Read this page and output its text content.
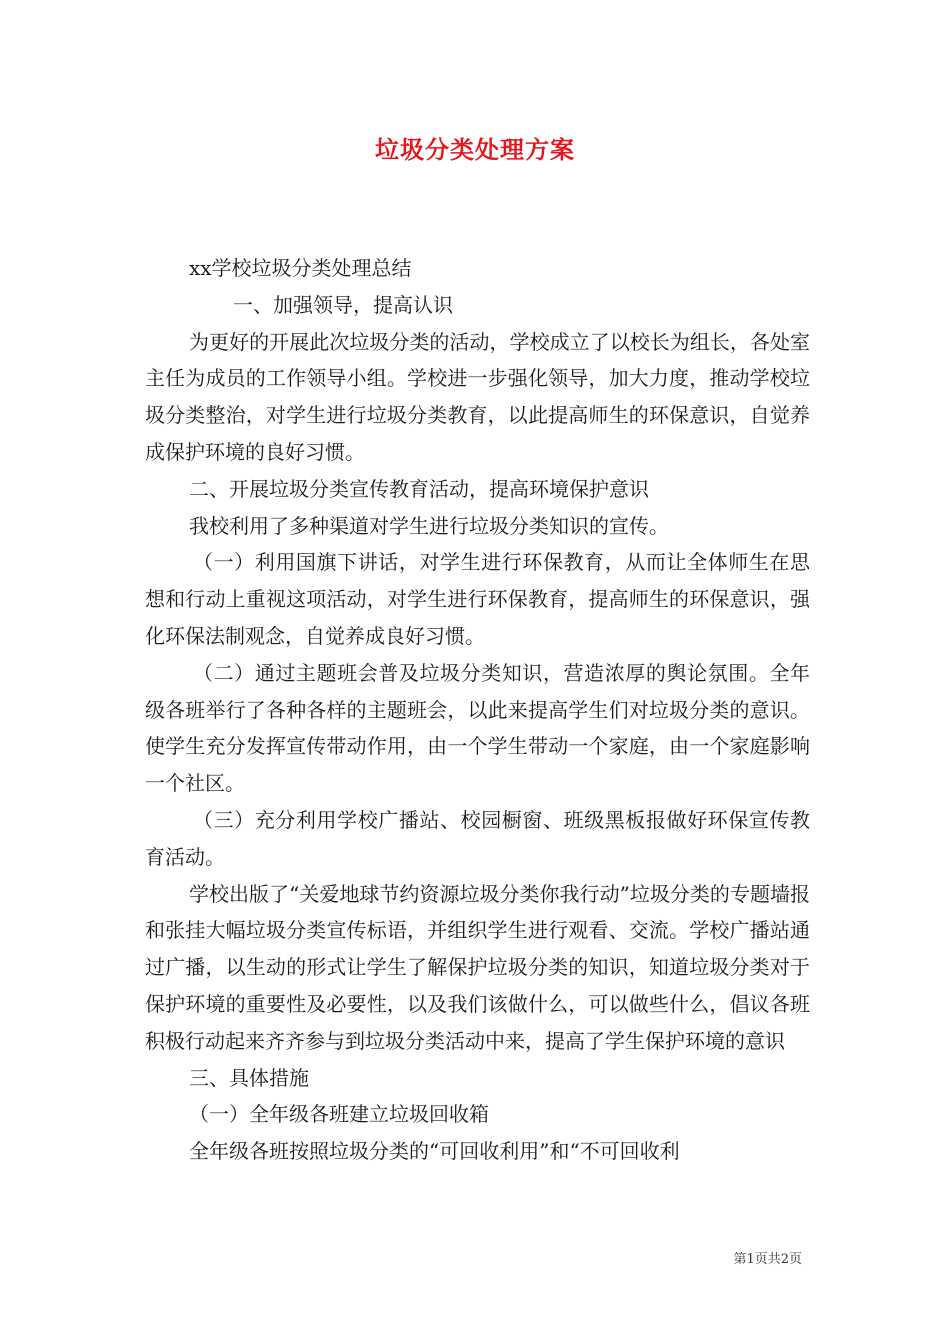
垃圾分类处理方案

xx学校垃圾分类处理总结

一、加强领导，提高认识

为更好的开展此次垃圾分类的活动，学校成立了以校长为组长，各处室主任为成员的工作领导小组。学校进一步强化领导，加大力度，推动学校垃圾分类整治，对学生进行垃圾分类教育，以此提高师生的环保意识，自觉养成保护环境的良好习惯。

二、开展垃圾分类宣传教育活动，提高环境保护意识

我校利用了多种渠道对学生进行垃圾分类知识的宣传。

（一）利用国旗下讲话，对学生进行环保教育，从而让全体师生在思想和行动上重视这项活动，对学生进行环保教育，提高师生的环保意识，强化环保法制观念，自觉养成良好习惯。

（二）通过主题班会普及垃圾分类知识，营造浓厚的舆论氛围。全年级各班举行了各种各样的主题班会，以此来提高学生们对垃圾分类的意识。使学生充分发挥宣传带动作用，由一个学生带动一个家庭，由一个家庭影响一个社区。

（三）充分利用学校广播站、校园橱窗、班级黑板报做好环保宣传教育活动。

学校出版了“关爱地球节约资源垃圾分类你我行动”垃圾分类的专题墙报和张挂大幅垃圾分类宣传标语，并组织学生进行观看、交流。学校广播站通过广播，以生动的形式让学生了解保护垃圾分类的知识，知道垃圾分类对于保护环境的重要性及必要性，以及我们该做什么，可以做些什么，倡议各班积极行动起来齐齐参与到垃圾分类活动中来，提高了学生保护环境的意识

三、具体措施

（一）全年级各班建立垃圾回收箱

全年级各班按照垃圾分类的“可回收利用”和“不可回收利

第1页共2页
